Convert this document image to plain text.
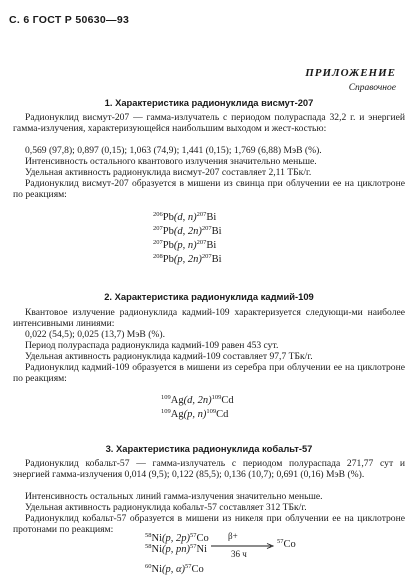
С. 6 ГОСТ Р 50630—93
ПРИЛОЖЕНИЕ
Справочное
1. Характеристика радионуклида висмут-207
Радионуклид висмут-207 — гамма-излучатель с периодом полураспада 32,2 г. и энергией гамма-излучения, характеризующейся наибольшим выходом и жест-костью:
0,569 (97,8); 0,897 (0,15); 1,063 (74,9); 1,441 (0,15); 1,769 (6,88) МэВ (%).
Интенсивность остального квантового излучения значительно меньше.
Удельная активность радионуклида висмут-207 составляет 2,11 ТБк/г.
Радионуклид висмут-207 образуется в мишени из свинца при облучении ее на циклотроне по реакциям:
$^{206}$Pb(d, n)$^{207}$Bi
$^{207}$Pb(d, 2n)$^{207}$Bi
$^{207}$Pb(p, n)$^{207}$Bi
$^{208}$Pb(p, 2n)$^{207}$Bi
2. Характеристика радионуклида кадмий-109
Квантовое излучение радионуклида кадмий-109 характеризуется следующи-ми наиболее интенсивными линиями:
0,022 (54,5); 0,025 (13,7) МэВ (%).
Период полураспада радионуклида кадмий-109 равен 453 сут.
Удельная активность радионуклида кадмий-109 составляет 97,7 ТБк/г.
Радионуклид кадмий-109 образуется в мишени из серебра при облучении ее на циклотроне по реакциям:
$^{109}$Ag(d, 2n)$^{109}$Cd
$^{109}$Ag(p, n)$^{109}$Cd
3. Характеристика радионуклида кобальт-57
Радионуклид кобальт-57 — гамма-излучатель с периодом полураспада 271,77 сут и энергией гамма-излучения 0,014 (9,5); 0,122 (85,5); 0,136 (10,7); 0,691 (0,16) МэВ (%).
Интенсивность остальных линий гамма-излучения значительно меньше.
Удельная активность радионуклида кобальт-57 составляет 312 ТБк/г.
Радионуклид кобальт-57 образуется в мишени из никеля при облучении ее на циклотроне протонами по реакциям:
$^{58}$Ni(p, 2p)$^{57}$Co
$^{58}$Ni(p, pn)$^{57}$Ni
β+
$^{57}$Co
36 ч
$^{60}$Ni(p, α)$^{57}$Co
